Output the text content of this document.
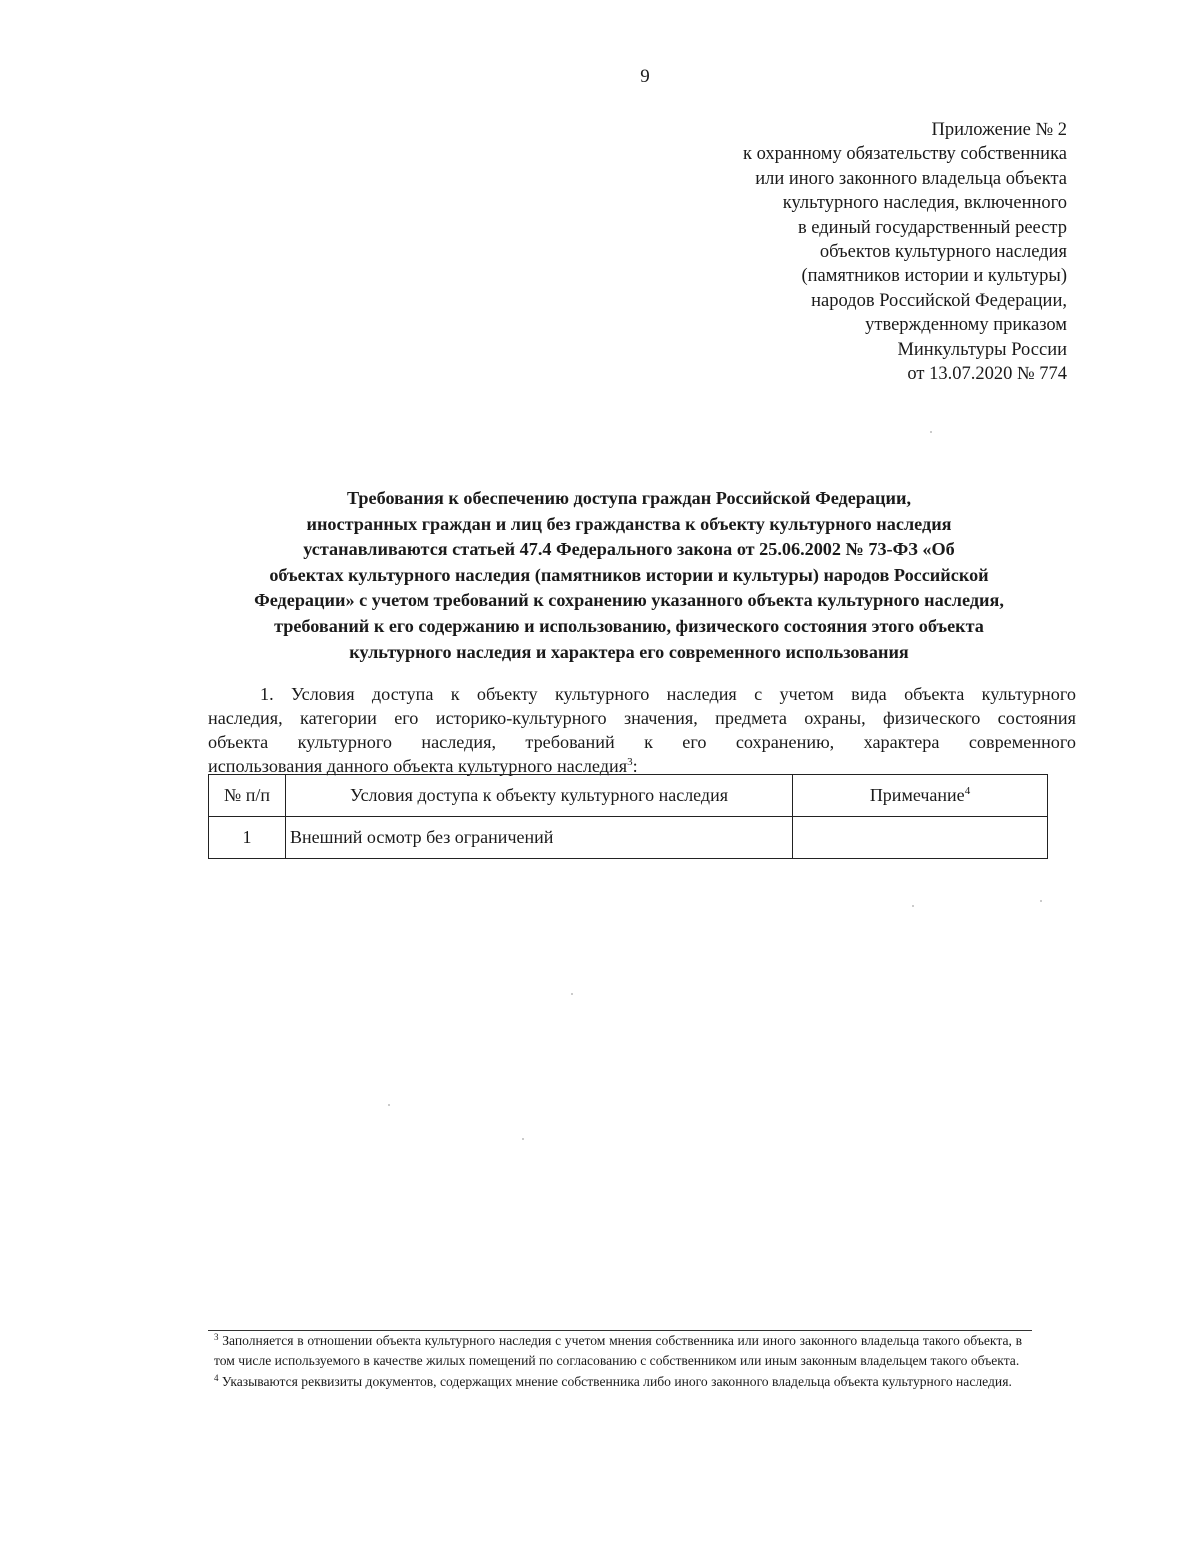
9
Приложение № 2
к охранному обязательству собственника
или иного законного владельца объекта
культурного наследия, включенного
в единый государственный реестр
объектов культурного наследия
(памятников истории и культуры)
народов Российской Федерации,
утвержденному приказом
Минкультуры России
от 13.07.2020 № 774
Требования к обеспечению доступа граждан Российской Федерации,
иностранных граждан и лиц без гражданства к объекту культурного наследия
устанавливаются статьей 47.4 Федерального закона от 25.06.2002 № 73-ФЗ «Об
объектах культурного наследия (памятников истории и культуры) народов Российской
Федерации» с учетом требований к сохранению указанного объекта культурного наследия,
требований к его содержанию и использованию, физического состояния этого объекта
культурного наследия и характера его современного использования
1. Условия доступа к объекту культурного наследия с учетом вида объекта культурного
наследия, категории его историко-культурного значения, предмета охраны, физического состояния
объекта культурного наследия, требований к его сохранению, характера современного
использования данного объекта культурного наследия$^3$:
№ п/п	Условия доступа к объекту культурного наследия	Примечание$^4$
1	Внешний осмотр без ограничений	
$^3$ Заполняется в отношении объекта культурного наследия с учетом мнения собственника или иного законного владельца такого объекта, в том числе используемого в качестве жилых помещений по согласованию с собственником или иным законным владельцем такого объекта.
$^4$ Указываются реквизиты документов, содержащих мнение собственника либо иного законного владельца объекта культурного наследия.
